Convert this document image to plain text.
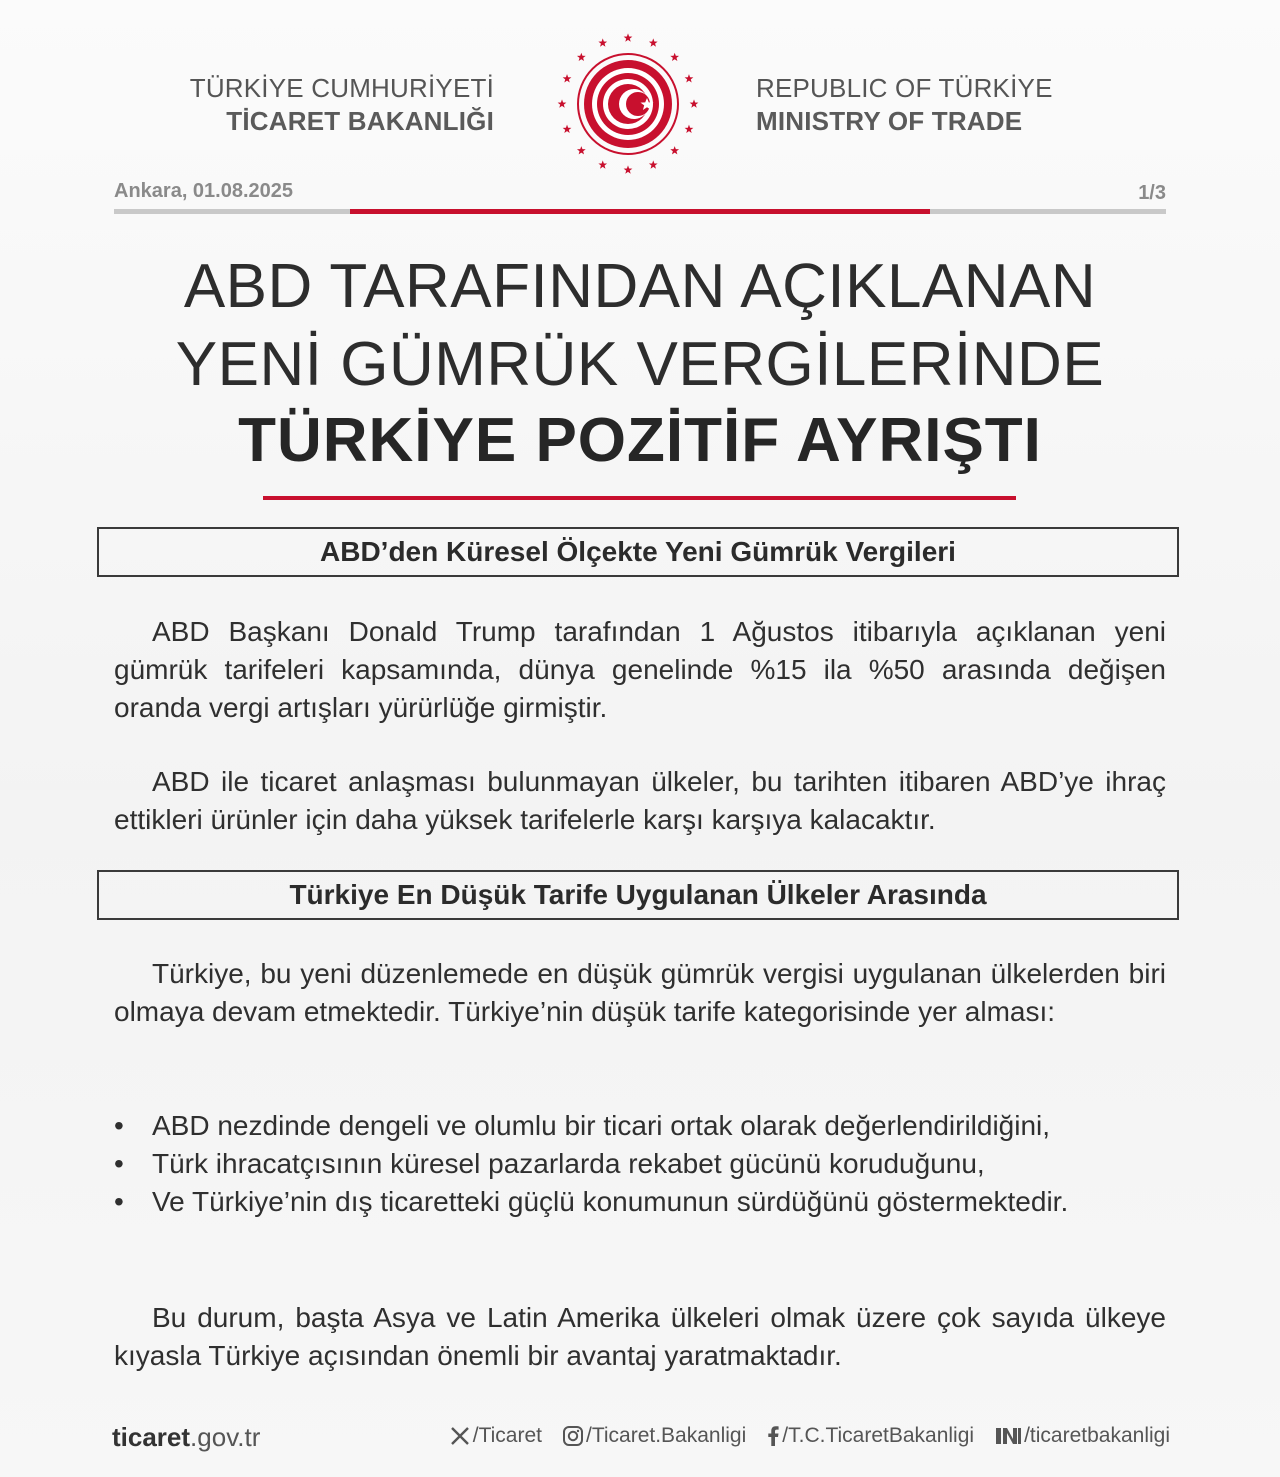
TÜRKİYE CUMHURİYETİ
TİCARET BAKANLIĞI
REPUBLIC OF TÜRKİYE
MINISTRY OF TRADE
Ankara, 01.08.2025	1/3
ABD TARAFINDAN AÇIKLANAN
YENİ GÜMRÜK VERGİLERİNDE
TÜRKİYE POZİTİF AYRIŞTI
ABD’den Küresel Ölçekte Yeni Gümrük Vergileri
ABD Başkanı Donald Trump tarafından 1 Ağustos itibarıyla açıklanan yeni gümrük tarifeleri kapsamında, dünya genelinde %15 ila %50 arasında değişen oranda vergi artışları yürürlüğe girmiştir.
ABD ile ticaret anlaşması bulunmayan ülkeler, bu tarihten itibaren ABD’ye ihraç ettikleri ürünler için daha yüksek tarifelerle karşı karşıya kalacaktır.
Türkiye En Düşük Tarife Uygulanan Ülkeler Arasında
Türkiye, bu yeni düzenlemede en düşük gümrük vergisi uygulanan ülkelerden biri olmaya devam etmektedir. Türkiye’nin düşük tarife kategorisinde yer alması:
• ABD nezdinde dengeli ve olumlu bir ticari ortak olarak değerlendirildiğini,
• Türk ihracatçısının küresel pazarlarda rekabet gücünü koruduğunu,
• Ve Türkiye’nin dış ticaretteki güçlü konumunun sürdüğünü göstermektedir.
Bu durum, başta Asya ve Latin Amerika ülkeleri olmak üzere çok sayıda ülkeye kıyasla Türkiye açısından önemli bir avantaj yaratmaktadır.
ticaret.gov.tr	/Ticaret /Ticaret.Bakanligi /T.C.TicaretBakanligi /ticaretbakanligi
